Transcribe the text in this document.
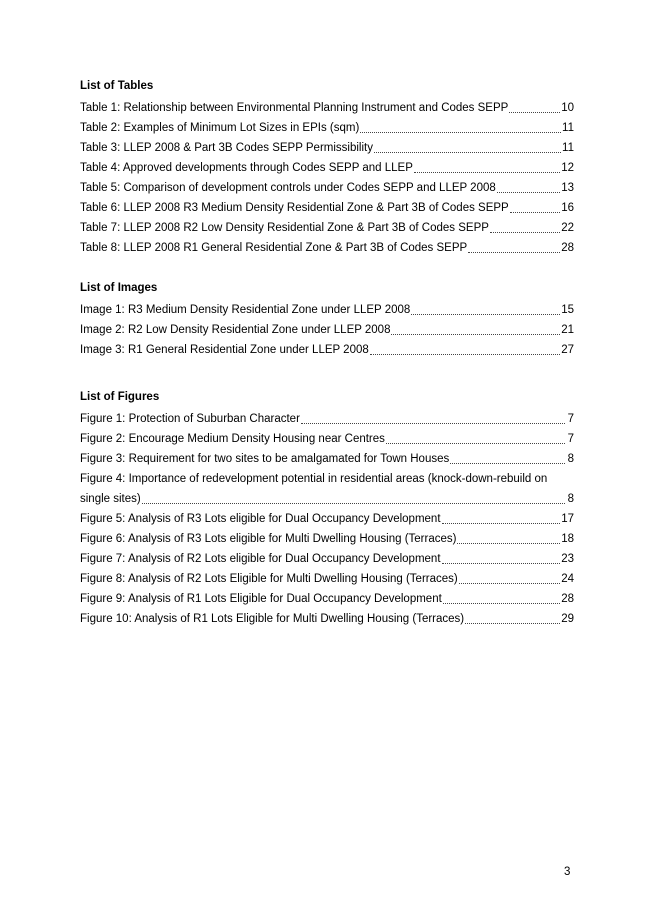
List of Tables
Table 1: Relationship between Environmental Planning Instrument and Codes SEPP	10
Table 2: Examples of Minimum Lot Sizes in EPIs (sqm)	11
Table 3: LLEP 2008 & Part 3B Codes SEPP Permissibility	11
Table 4: Approved developments through Codes SEPP and LLEP	12
Table 5: Comparison of development controls under Codes SEPP and LLEP 2008	13
Table 6: LLEP 2008 R3 Medium Density Residential Zone & Part 3B of Codes SEPP	16
Table 7: LLEP 2008 R2 Low Density Residential Zone & Part 3B of Codes SEPP	22
Table 8: LLEP 2008 R1 General Residential Zone & Part 3B of Codes SEPP	28
List of Images
Image 1: R3 Medium Density Residential Zone under LLEP 2008	15
Image 2: R2 Low Density Residential Zone under LLEP 2008	21
Image 3: R1 General Residential Zone under LLEP 2008	27
List of Figures
Figure 1: Protection of Suburban Character	7
Figure 2: Encourage Medium Density Housing near Centres	7
Figure 3: Requirement for two sites to be amalgamated for Town Houses	8
Figure 4: Importance of redevelopment potential in residential areas (knock-down-rebuild on
single sites)	8
Figure 5: Analysis of R3 Lots eligible for Dual Occupancy Development	17
Figure 6: Analysis of R3 Lots eligible for Multi Dwelling Housing (Terraces)	18
Figure 7: Analysis of R2 Lots eligible for Dual Occupancy Development	23
Figure 8: Analysis of R2 Lots Eligible for Multi Dwelling Housing (Terraces)	24
Figure 9: Analysis of R1 Lots Eligible for Dual Occupancy Development	28
Figure 10: Analysis of R1 Lots Eligible for Multi Dwelling Housing (Terraces)	29
3
